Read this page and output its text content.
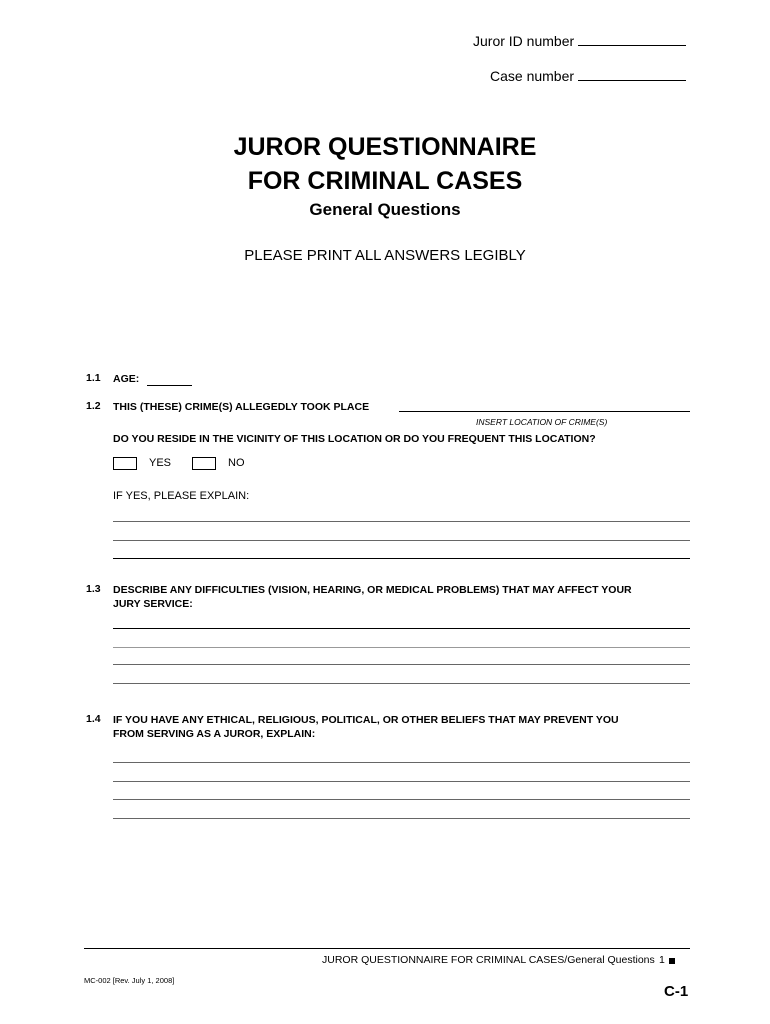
Juror ID number
Case number
JUROR QUESTIONNAIRE
FOR CRIMINAL CASES
General Questions
PLEASE PRINT ALL ANSWERS LEGIBLY
1.1 AGE:
1.2 THIS (THESE) CRIME(S) ALLEGEDLY TOOK PLACE
INSERT LOCATION OF CRIME(S)
DO YOU RESIDE IN THE VICINITY OF THIS LOCATION OR DO YOU FREQUENT THIS LOCATION?
YES	NO
IF YES, PLEASE EXPLAIN:
1.3 DESCRIBE ANY DIFFICULTIES (VISION, HEARING, OR MEDICAL PROBLEMS) THAT MAY AFFECT YOUR
JURY SERVICE:
1.4 IF YOU HAVE ANY ETHICAL, RELIGIOUS, POLITICAL, OR OTHER BELIEFS THAT MAY PREVENT YOU
FROM SERVING AS A JUROR, EXPLAIN:
JUROR QUESTIONNAIRE FOR CRIMINAL CASES/General Questions 1
MC-002 [Rev. July 1, 2008]
C-1
